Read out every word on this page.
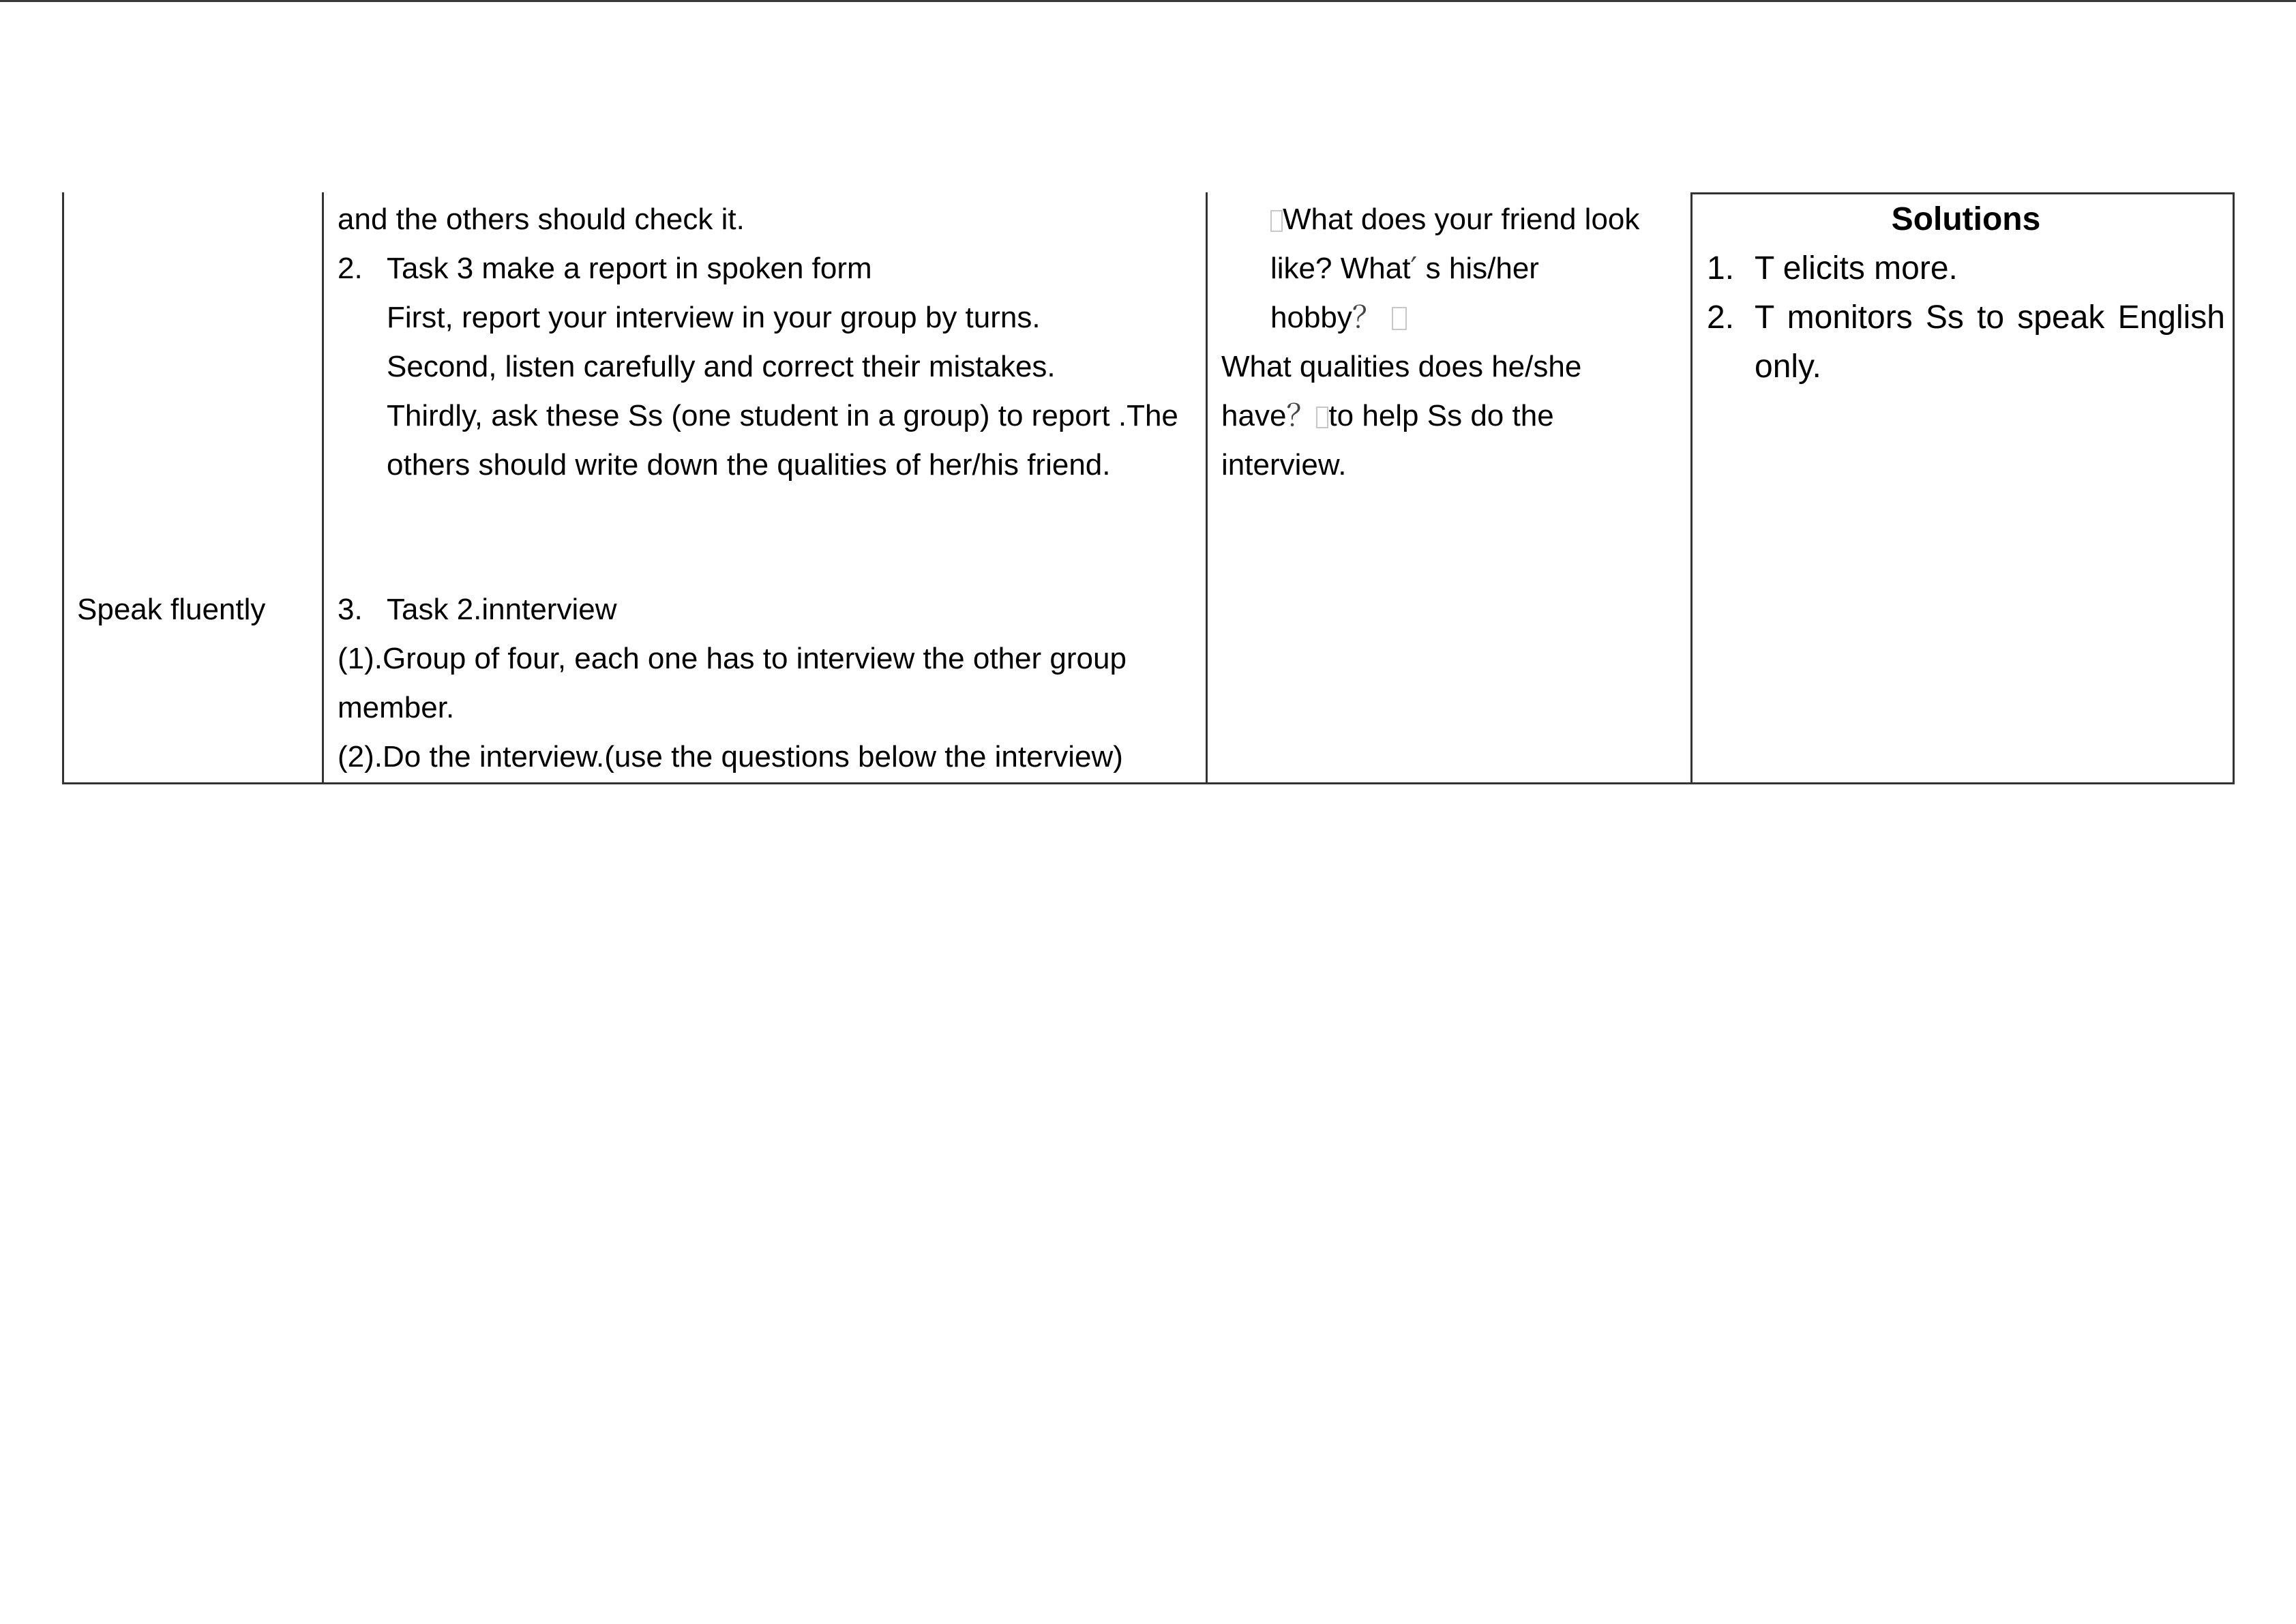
Speak fluently
and the others should check it.
2. Task 3 make a report in spoken form
First, report your interview in your group by turns.
Second, listen carefully and correct their mistakes.
Thirdly, ask these Ss (one student in a group) to report .The
others should write down the qualities of her/his friend.
3. Task 2.innterview
(1).Group of four, each one has to interview the other group
member.
(2).Do the interview.(use the questions below the interview)
What does your friend look
like? What′ s his/her
hobby？
What qualities does he/she
have？ to help Ss do the
interview.
Solutions
1. T elicits more.
2. T monitors Ss to speak English
only.
